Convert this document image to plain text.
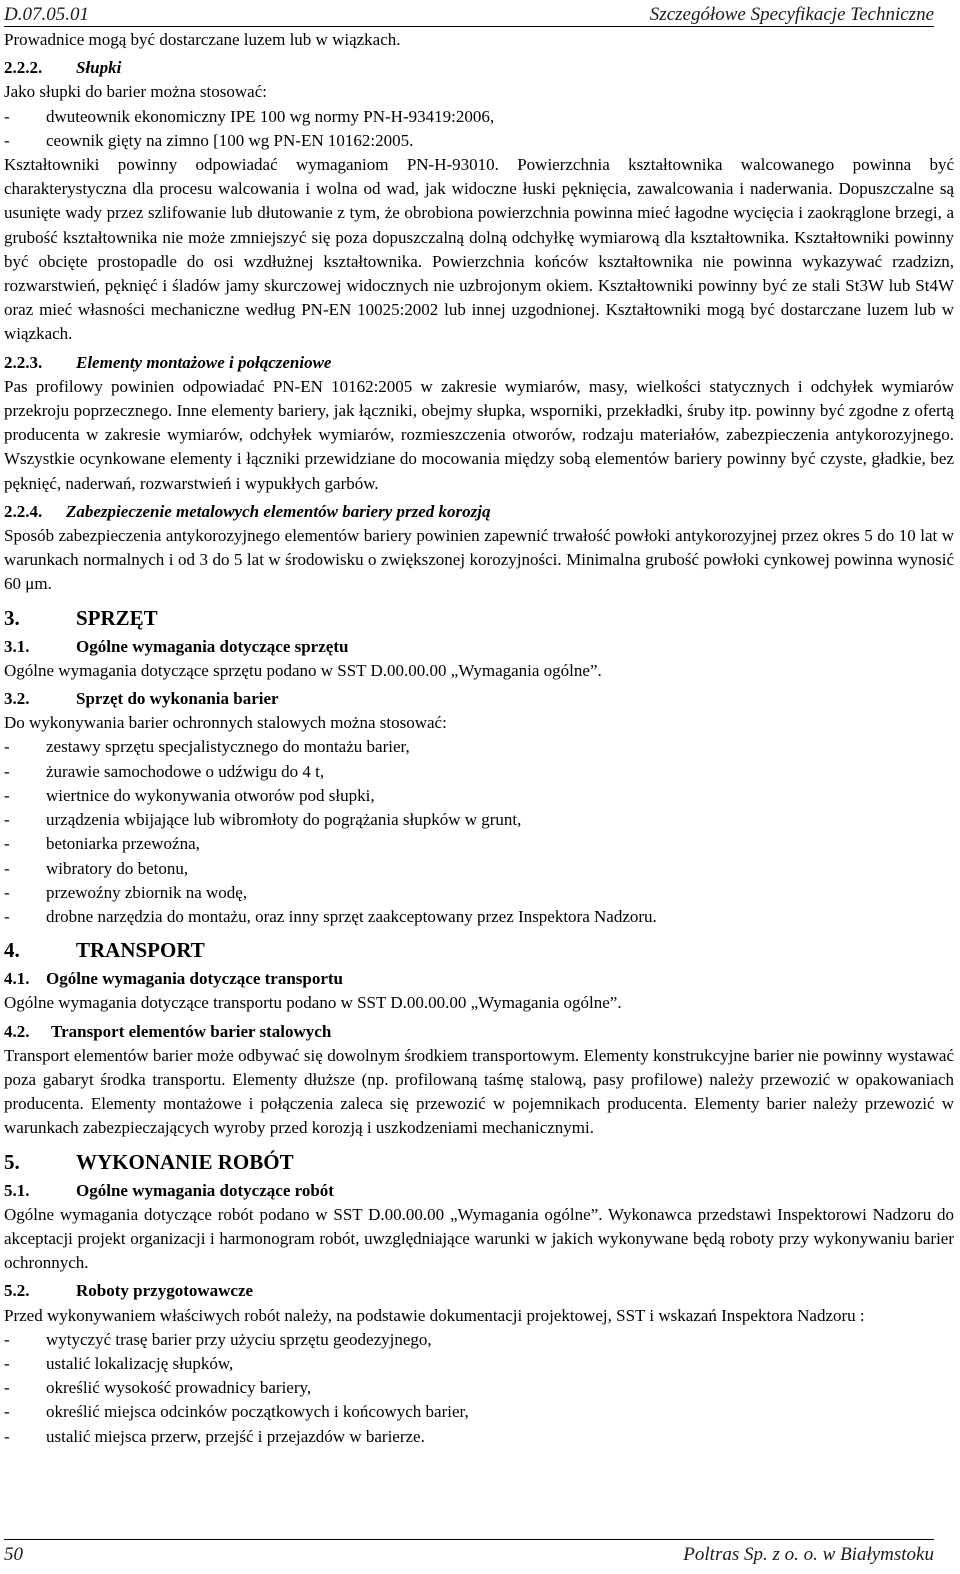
D.07.05.01	Szczegółowe Specyfikacje Techniczne

Prowadnice mogą być dostarczane luzem lub w wiązkach.

2.2.2.	Słupki

Jako słupki do barier można stosować:

-	dwuteownik ekonomiczny IPE 100 wg normy PN-H-93419:2006,
-	ceownik gięty na zimno [100 wg PN-EN 10162:2005.

Kształtowniki powinny odpowiadać wymaganiom PN-H-93010. Powierzchnia kształtownika walcowanego powinna być charakterystyczna dla procesu walcowania i wolna od wad, jak widoczne łuski pęknięcia, zawalcowania i naderwania. Dopuszczalne są usunięte wady przez szlifowanie lub dłutowanie z tym, że obrobiona powierzchnia powinna mieć łagodne wycięcia i zaokrąglone brzegi, a grubość kształtownika nie może zmniejszyć się poza dopuszczalną dolną odchyłkę wymiarową dla kształtownika. Kształtowniki powinny być obcięte prostopadle do osi wzdłużnej kształtownika. Powierzchnia końców kształtownika nie powinna wykazywać rzadzizn, rozwarstwień, pęknięć i śladów jamy skurczowej widocznych nie uzbrojonym okiem. Kształtowniki powinny być ze stali St3W lub St4W oraz mieć własności mechaniczne według PN-EN 10025:2002 lub innej uzgodnionej. Kształtowniki mogą być dostarczane luzem lub w wiązkach.

2.2.3.	Elementy montażowe i połączeniowe

Pas profilowy powinien odpowiadać PN-EN 10162:2005 w zakresie wymiarów, masy, wielkości statycznych i odchyłek wymiarów przekroju poprzecznego. Inne elementy bariery, jak łączniki, obejmy słupka, wsporniki, przekładki, śruby itp. powinny być zgodne z ofertą producenta w zakresie wymiarów, odchyłek wymiarów, rozmieszczenia otworów, rodzaju materiałów, zabezpieczenia antykorozyjnego. Wszystkie ocynkowane elementy i łączniki przewidziane do mocowania między sobą elementów bariery powinny być czyste, gładkie, bez pęknięć, naderwań, rozwarstwień i wypukłych garbów.

2.2.4.	Zabezpieczenie metalowych elementów bariery przed korozją

Sposób zabezpieczenia antykorozyjnego elementów bariery powinien zapewnić trwałość powłoki antykorozyjnej przez okres 5 do 10 lat w warunkach normalnych i od 3 do 5 lat w środowisku o zwiększonej korozyjności. Minimalna grubość powłoki cynkowej powinna wynosić 60 μm.

3.	SPRZĘT
3.1.	Ogólne wymagania dotyczące sprzętu

Ogólne wymagania dotyczące sprzętu podano w SST D.00.00.00 „Wymagania ogólne”.

3.2.	Sprzęt do wykonania barier

Do wykonywania barier ochronnych stalowych można stosować:

-	zestawy sprzętu specjalistycznego do montażu barier,
-	żurawie samochodowe o udźwigu do 4 t,
-	wiertnice do wykonywania otworów pod słupki,
-	urządzenia wbijające lub wibromłoty do pogrążania słupków w grunt,
-	betoniarka przewoźna,
-	wibratory do betonu,
-	przewoźny zbiornik na wodę,
-	drobne narzędzia do montażu, oraz inny sprzęt zaakceptowany przez Inspektora Nadzoru.
4.	TRANSPORT
4.1. Ogólne wymagania dotyczące transportu

Ogólne wymagania dotyczące transportu podano w SST D.00.00.00 „Wymagania ogólne”.

4.2.	Transport elementów barier stalowych

Transport elementów barier może odbywać się dowolnym środkiem transportowym. Elementy konstrukcyjne barier nie powinny wystawać poza gabaryt środka transportu. Elementy dłuższe (np. profilowaną taśmę stalową, pasy profilowe) należy przewozić w opakowaniach producenta. Elementy montażowe i połączenia zaleca się przewozić w pojemnikach producenta. Elementy barier należy przewozić w warunkach zabezpieczających wyroby przed korozją i uszkodzeniami mechanicznymi.

5.	WYKONANIE ROBÓT
5.1.	Ogólne wymagania dotyczące robót

Ogólne wymagania dotyczące robót podano w SST D.00.00.00 „Wymagania ogólne”. Wykonawca przedstawi Inspektorowi Nadzoru do akceptacji projekt organizacji i harmonogram robót, uwzględniające warunki w jakich wykonywane będą roboty przy wykonywaniu barier ochronnych.

5.2.	Roboty przygotowawcze

Przed wykonywaniem właściwych robót należy, na podstawie dokumentacji projektowej, SST i wskazań Inspektora Nadzoru :

-	wytyczyć trasę barier przy użyciu sprzętu geodezyjnego,
-	ustalić lokalizację słupków,
-	określić wysokość prowadnicy bariery,
-	określić miejsca odcinków początkowych i końcowych barier,
-	ustalić miejsca przerw, przejść i przejazdów w barierze.
50	Poltras Sp. z o. o. w Białymstoku
